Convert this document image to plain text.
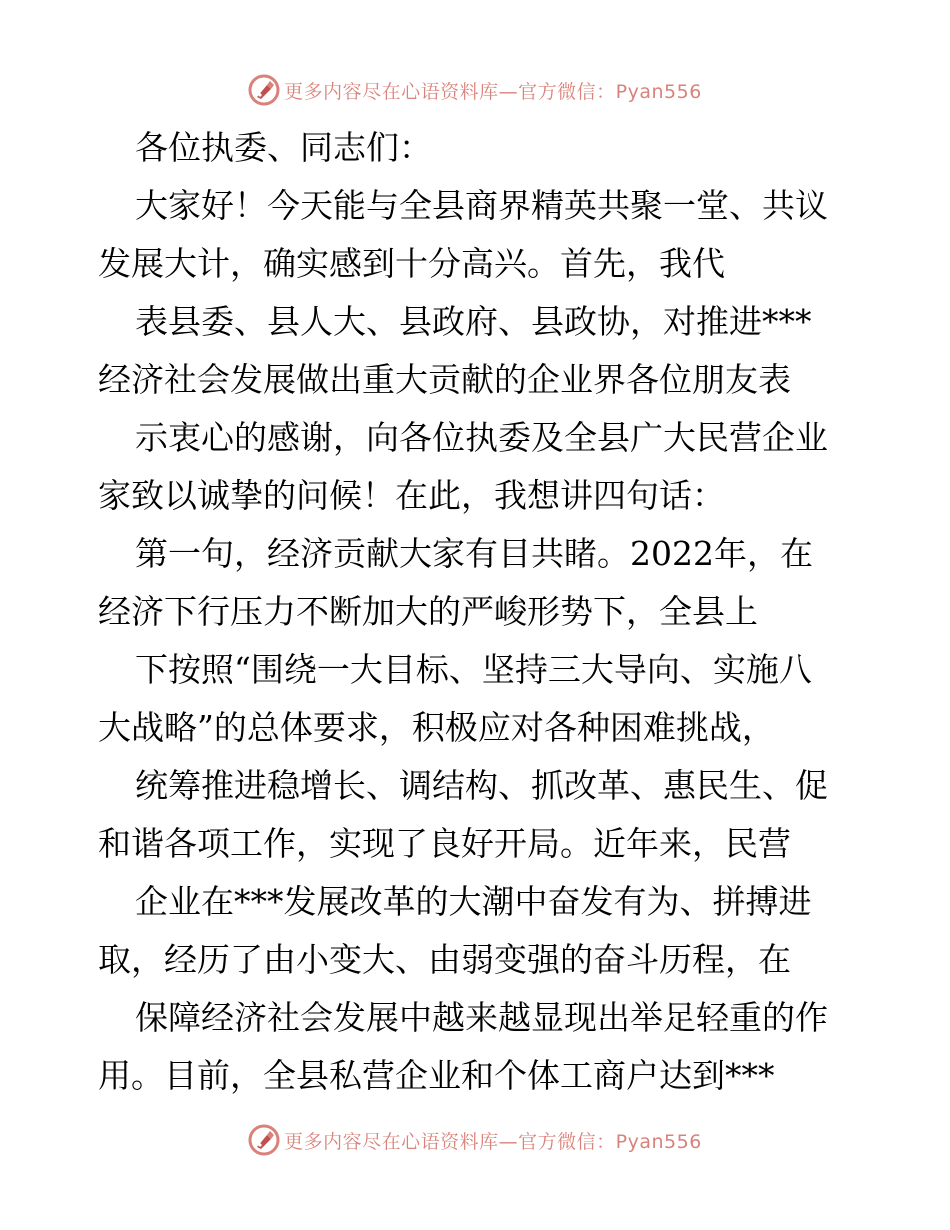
更多内容尽在心语资料库—官方微信：Pyan556
各位执委、同志们：
大家好！今天能与全县商界精英共聚一堂、共议
发展大计，确实感到十分高兴。首先，我代
表县委、县人大、县政府、县政协，对推进***
经济社会发展做出重大贡献的企业界各位朋友表
示衷心的感谢，向各位执委及全县广大民营企业
家致以诚挚的问候！在此，我想讲四句话：
第一句，经济贡献大家有目共睹。2022年，在
经济下行压力不断加大的严峻形势下，全县上
下按照“围绕一大目标、坚持三大导向、实施八
大战略”的总体要求，积极应对各种困难挑战，
统筹推进稳增长、调结构、抓改革、惠民生、促
和谐各项工作，实现了良好开局。近年来，民营
企业在***发展改革的大潮中奋发有为、拼搏进
取，经历了由小变大、由弱变强的奋斗历程，在
保障经济社会发展中越来越显现出举足轻重的作
用。目前，全县私营企业和个体工商户达到***
更多内容尽在心语资料库—官方微信：Pyan556
